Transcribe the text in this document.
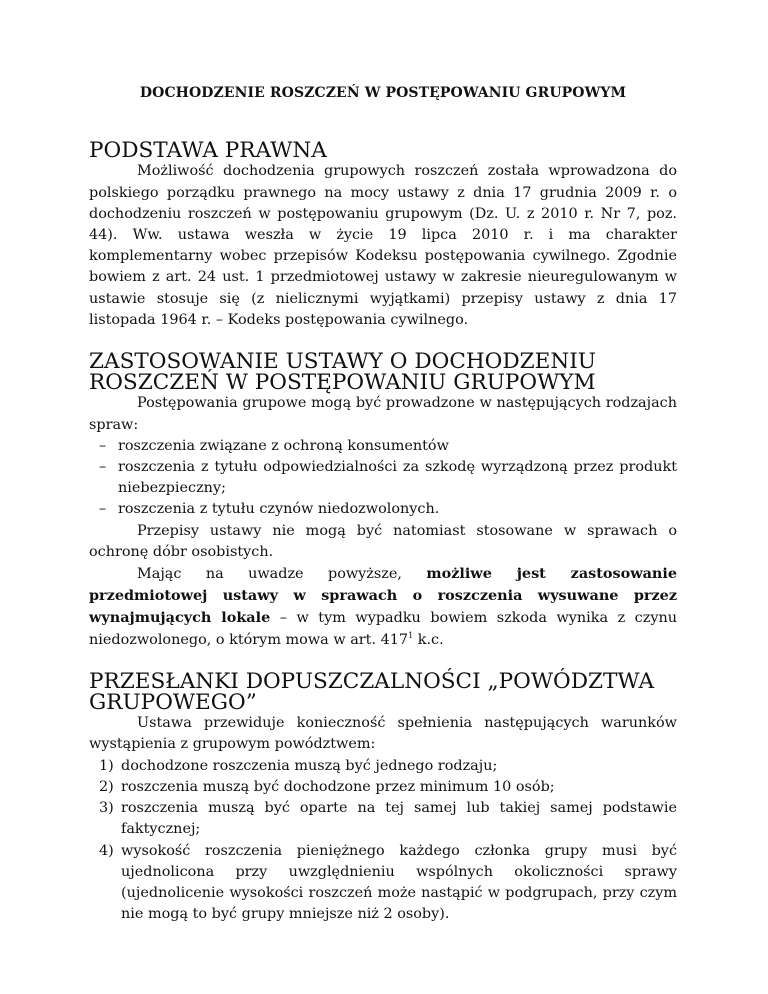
DOCHODZENIE ROSZCZEŃ W POSTĘPOWANIU GRUPOWYM
PODSTAWA PRAWNA

Możliwość dochodzenia grupowych roszczeń została wprowadzona do polskiego porządku prawnego na mocy ustawy z dnia 17 grudnia 2009 r. o dochodzeniu roszczeń w postępowaniu grupowym (Dz. U. z 2010 r. Nr 7, poz. 44). Ww. ustawa weszła w życie 19 lipca 2010 r. i ma charakter komplementarny wobec przepisów Kodeksu postępowania cywilnego. Zgodnie bowiem z art. 24 ust. 1 przedmiotowej ustawy w zakresie nieuregulowanym w ustawie stosuje się (z nielicznymi wyjątkami) przepisy ustawy z dnia 17 listopada 1964 r. – Kodeks postępowania cywilnego.

ZASTOSOWANIE USTAWY O DOCHODZENIU ROSZCZEŃ W POSTĘPOWANIU GRUPOWYM

Postępowania grupowe mogą być prowadzone w następujących rodzajach spraw:

– roszczenia związane z ochroną konsumentów
– roszczenia z tytułu odpowiedzialności za szkodę wyrządzoną przez produkt niebezpieczny;
– roszczenia z tytułu czynów niedozwolonych.

Przepisy ustawy nie mogą być natomiast stosowane w sprawach o ochronę dóbr osobistych.

Mając na uwadze powyższe, możliwe jest zastosowanie przedmiotowej ustawy w sprawach o roszczenia wysuwane przez wynajmujących lokale – w tym wypadku bowiem szkoda wynika z czynu niedozwolonego, o którym mowa w art. $417^1$ k.c.

PRZESŁANKI DOPUSZCZALNOŚCI „POWÓDZTWA GRUPOWEGO”

Ustawa przewiduje konieczność spełnienia następujących warunków wystąpienia z grupowym powództwem:

1) dochodzone roszczenia muszą być jednego rodzaju;
2) roszczenia muszą być dochodzone przez minimum 10 osób;
3) roszczenia muszą być oparte na tej samej lub takiej samej podstawie faktycznej;
4) wysokość roszczenia pieniężnego każdego członka grupy musi być ujednolicona przy uwzględnieniu wspólnych okoliczności sprawy (ujednolicenie wysokości roszczeń może nastąpić w podgrupach, przy czym nie mogą to być grupy mniejsze niż 2 osoby).
